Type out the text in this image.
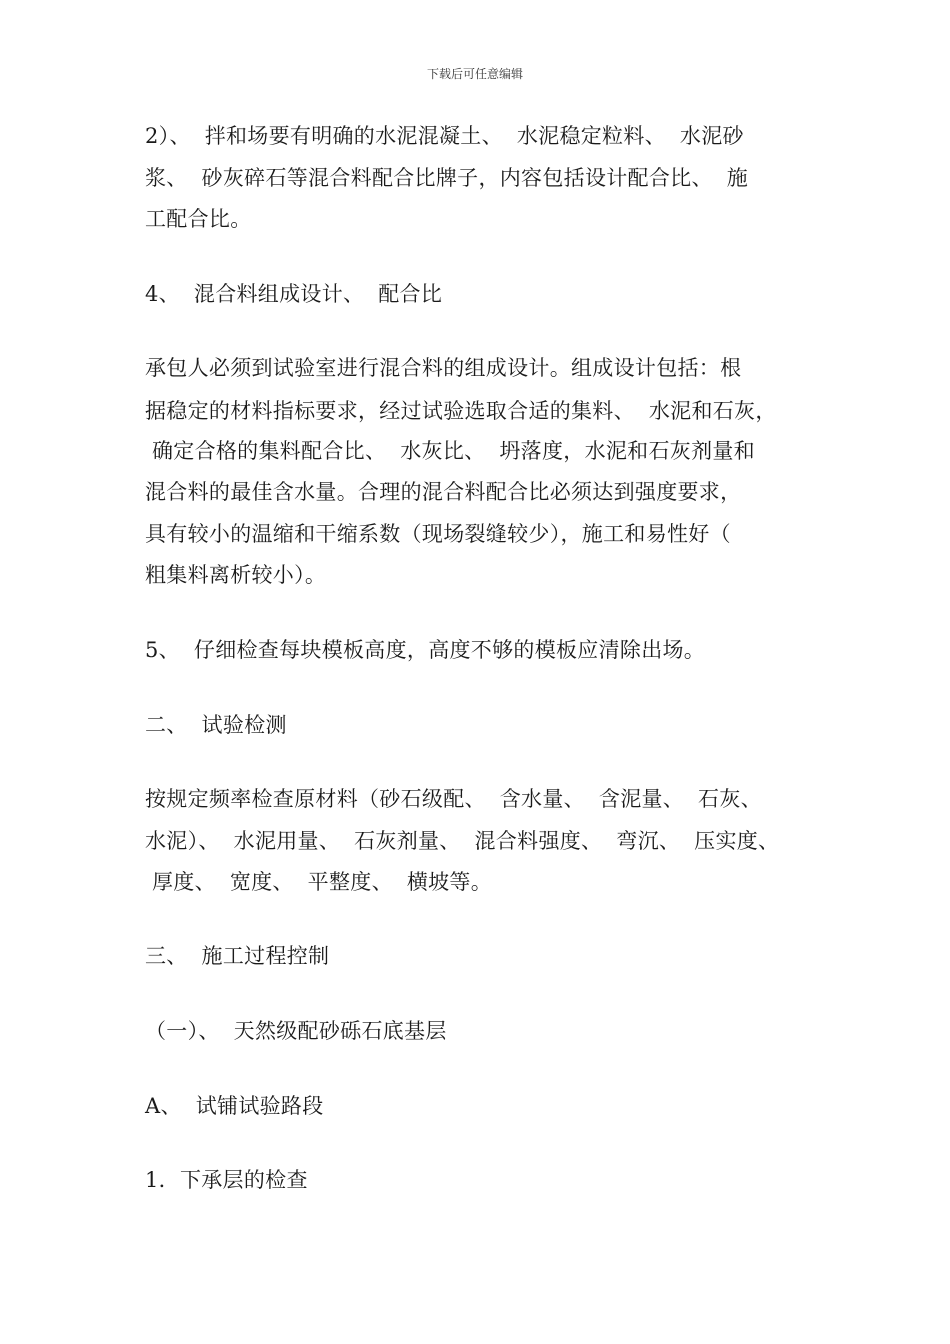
下载后可任意编辑
2）、  拌和场要有明确的水泥混凝土、  水泥稳定粒料、  水泥砂
浆、  砂灰碎石等混合料配合比牌子，内容包括设计配合比、  施
工配合比。
4、  混合料组成设计、  配合比
承包人必须到试验室进行混合料的组成设计。组成设计包括：根
据稳定的材料指标要求，经过试验选取合适的集料、  水泥和石灰，
确定合格的集料配合比、  水灰比、  坍落度，水泥和石灰剂量和
混合料的最佳含水量。合理的混合料配合比必须达到强度要求，
具有较小的温缩和干缩系数（现场裂缝较少），施工和易性好（
粗集料离析较小）。
5、  仔细检查每块模板高度，高度不够的模板应清除出场。
二、  试验检测
按规定频率检查原材料（砂石级配、  含水量、  含泥量、  石灰、
水泥）、  水泥用量、  石灰剂量、  混合料强度、  弯沉、  压实度、
厚度、  宽度、  平整度、  横坡等。
三、  施工过程控制
（一）、  天然级配砂砾石底基层
A、  试铺试验路段
1．下承层的检查
